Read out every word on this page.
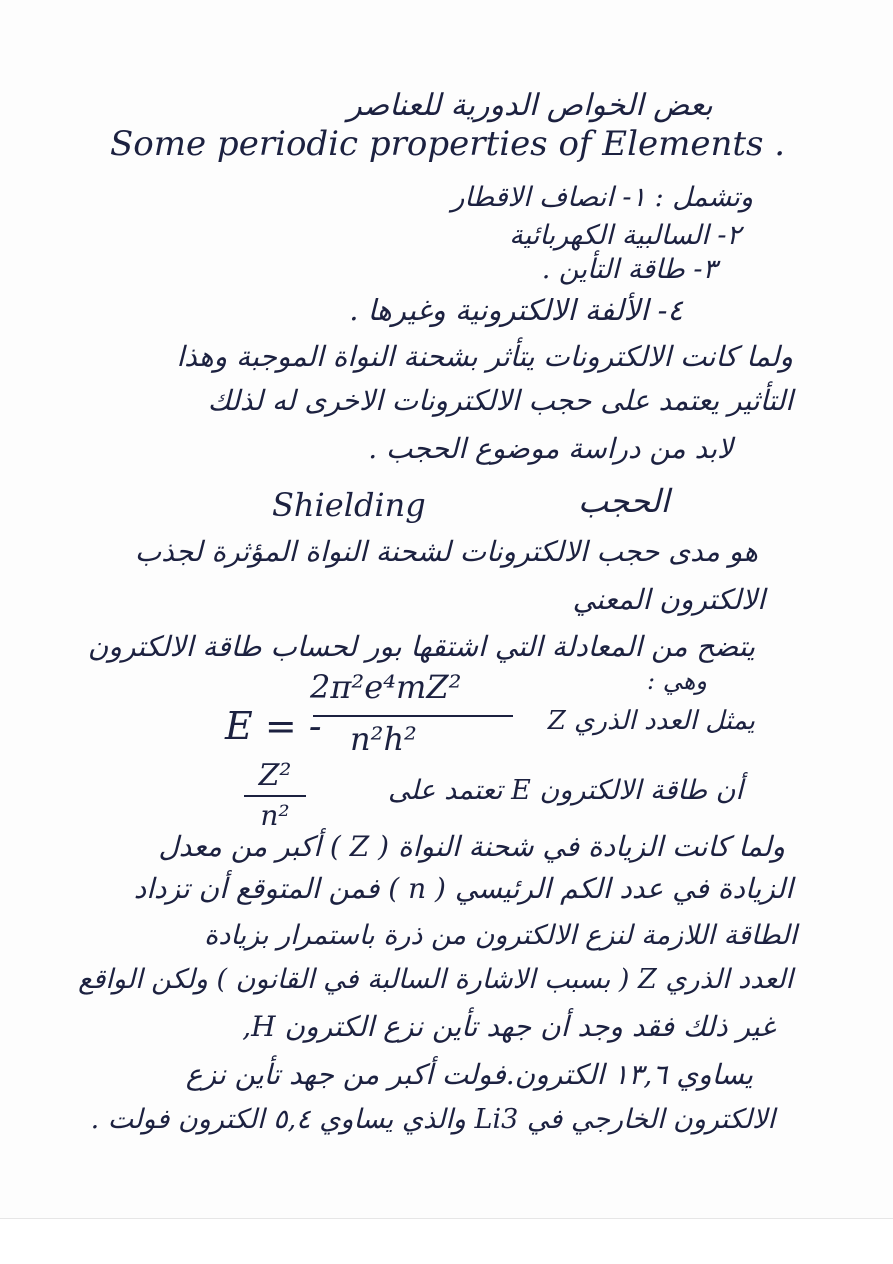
بعض الخواص الدورية للعناصر
Some periodic properties of Elements .
وتشمل : ١- انصاف الاقطار
٢- السالبية الكهربائية
٣- طاقة التأين .
٤- الألفة الالكترونية وغيرها .
ولما كانت الالكترونات يتأثر بشحنة النواة الموجبة وهذا
التأثير يعتمد على حجب الالكترونات الاخرى له لذلك
لابد من دراسة موضوع الحجب .
Shielding	الحجب
هو مدى حجب الالكترونات لشحنة النواة المؤثرة لجذب
الالكترون المعني
يتضح من المعادلة التي اشتقها بور لحساب طاقة الالكترون
وهي :
E = -
2π²e⁴mZ²
n²h²	Z يمثل العدد الذري
Z²
n²
أن طاقة الالكترون E تعتمد على
ولما كانت الزيادة في شحنة النواة ( Z ) أكبر من معدل
الزيادة في عدد الكم الرئيسي ( n ) فمن المتوقع أن تزداد
الطاقة اللازمة لنزع الالكترون من ذرة باستمرار بزيادة
العدد الذري Z ( بسبب الاشارة السالبة في القانون ) ولكن الواقع
غير ذلك فقد وجد أن جهد تأين نزع الكترون H,
يساوي ١٣,٦ الكترون.فولت أكبر من جهد تأين نزع
الالكترون الخارجي في Li3 والذي يساوي ٥,٤ الكترون فولت .
